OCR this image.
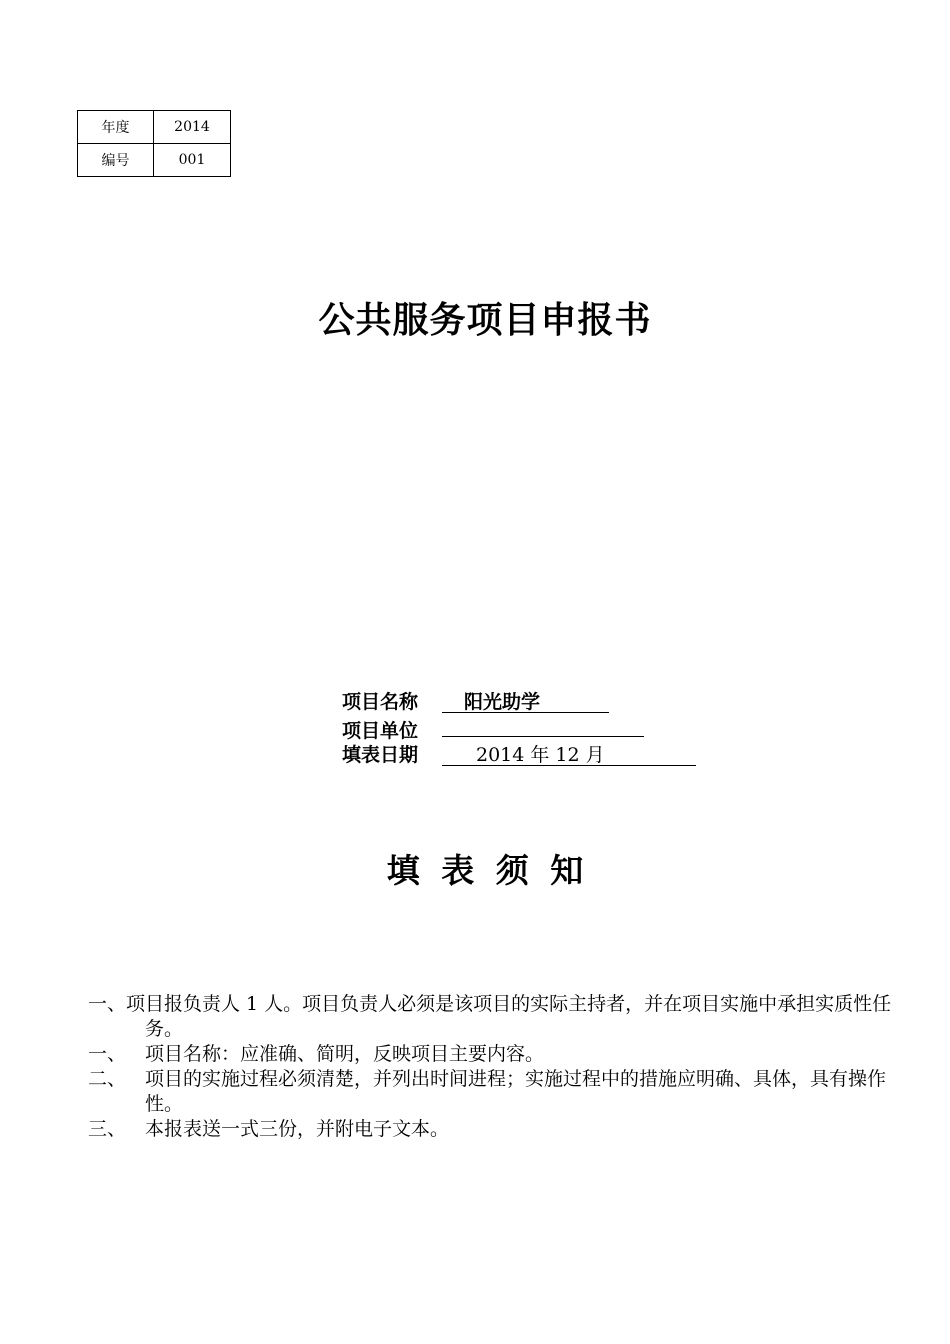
年度	2014
编号	001
公共服务项目申报书
项目名称	阳光助学
项目单位
填表日期	2014 年 12 月
填 表 须 知
一、项目报负责人 1 人。项目负责人必须是该项目的实际主持者，并在项目实施中承担实质性任务。
一、 项目名称：应准确、简明，反映项目主要内容。
二、 项目的实施过程必须清楚，并列出时间进程；实施过程中的措施应明确、具体，具有操作性。
三、 本报表送一式三份，并附电子文本。
